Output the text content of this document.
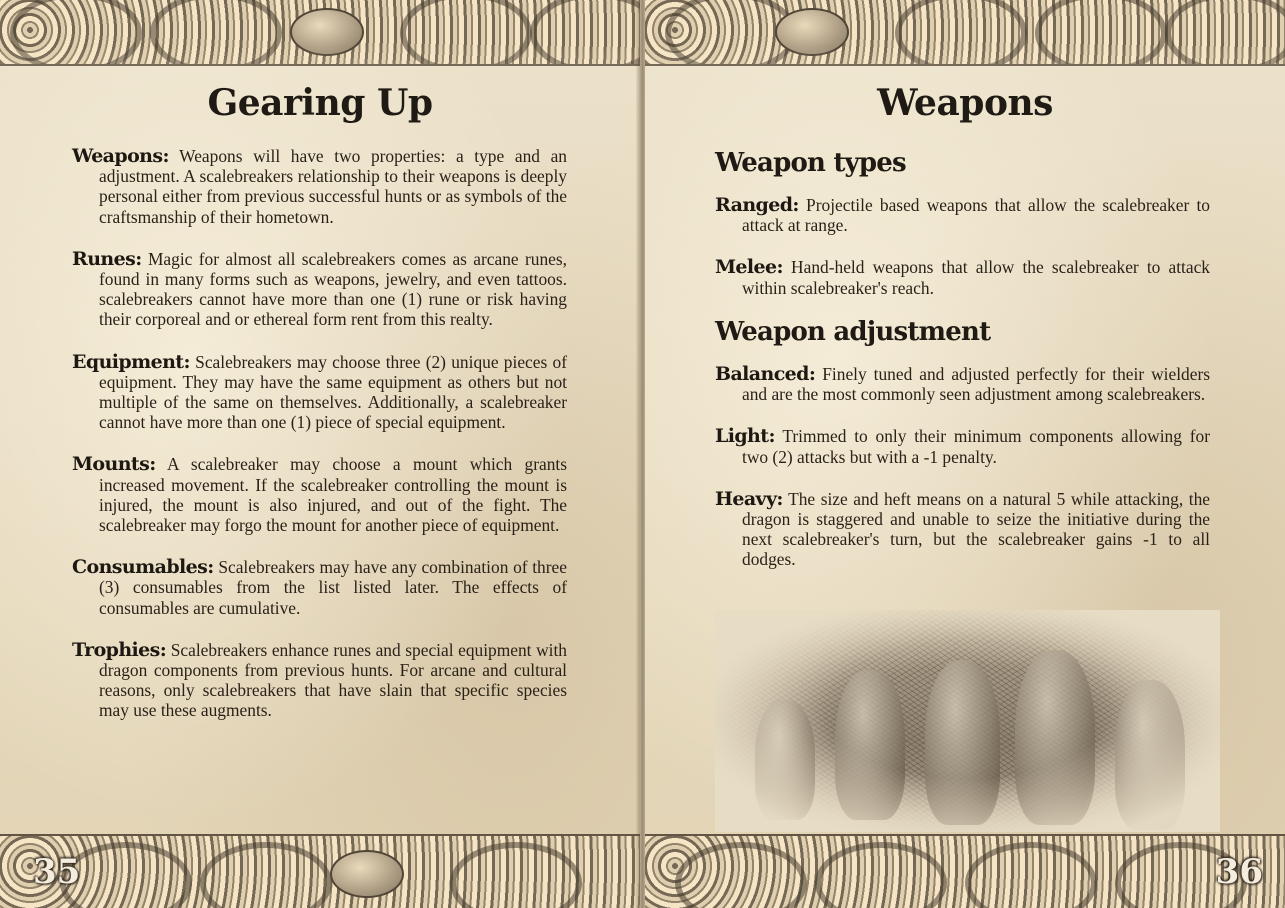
Gearing Up

Weapons: Weapons will have two properties: a type and an adjustment. A scalebreakers relationship to their weapons is deeply personal either from previous successful hunts or as symbols of the craftsmanship of their hometown.

Runes: Magic for almost all scalebreakers comes as arcane runes, found in many forms such as weapons, jewelry, and even tattoos. scalebreakers cannot have more than one (1) rune or risk having their corporeal and or ethereal form rent from this realty.

Equipment: Scalebreakers may choose three (2) unique pieces of equipment. They may have the same equipment as others but not multiple of the same on themselves. Additionally, a scalebreaker cannot have more than one (1) piece of special equipment.

Mounts: A scalebreaker may choose a mount which grants increased movement. If the scalebreaker controlling the mount is injured, the mount is also injured, and out of the fight. The scalebreaker may forgo the mount for another piece of equipment.

Consumables: Scalebreakers may have any combination of three (3) consumables from the list listed later. The effects of consumables are cumulative.

Trophies: Scalebreakers enhance runes and special equipment with dragon components from previous hunts. For arcane and cultural reasons, only scalebreakers that have slain that specific species may use these augments.

35
Weapons
Weapon types

Ranged: Projectile based weapons that allow the scalebreaker to attack at range.

Melee: Hand-held weapons that allow the scalebreaker to attack within scalebreaker's reach.

Weapon adjustment

Balanced: Finely tuned and adjusted perfectly for their wielders and are the most commonly seen adjustment among scalebreakers.

Light: Trimmed to only their minimum components allowing for two (2) attacks but with a -1 penalty.

Heavy: The size and heft means on a natural 5 while attacking, the dragon is staggered and unable to seize the initiative during the next scalebreaker's turn, but the scalebreaker gains -1 to all dodges.

36
